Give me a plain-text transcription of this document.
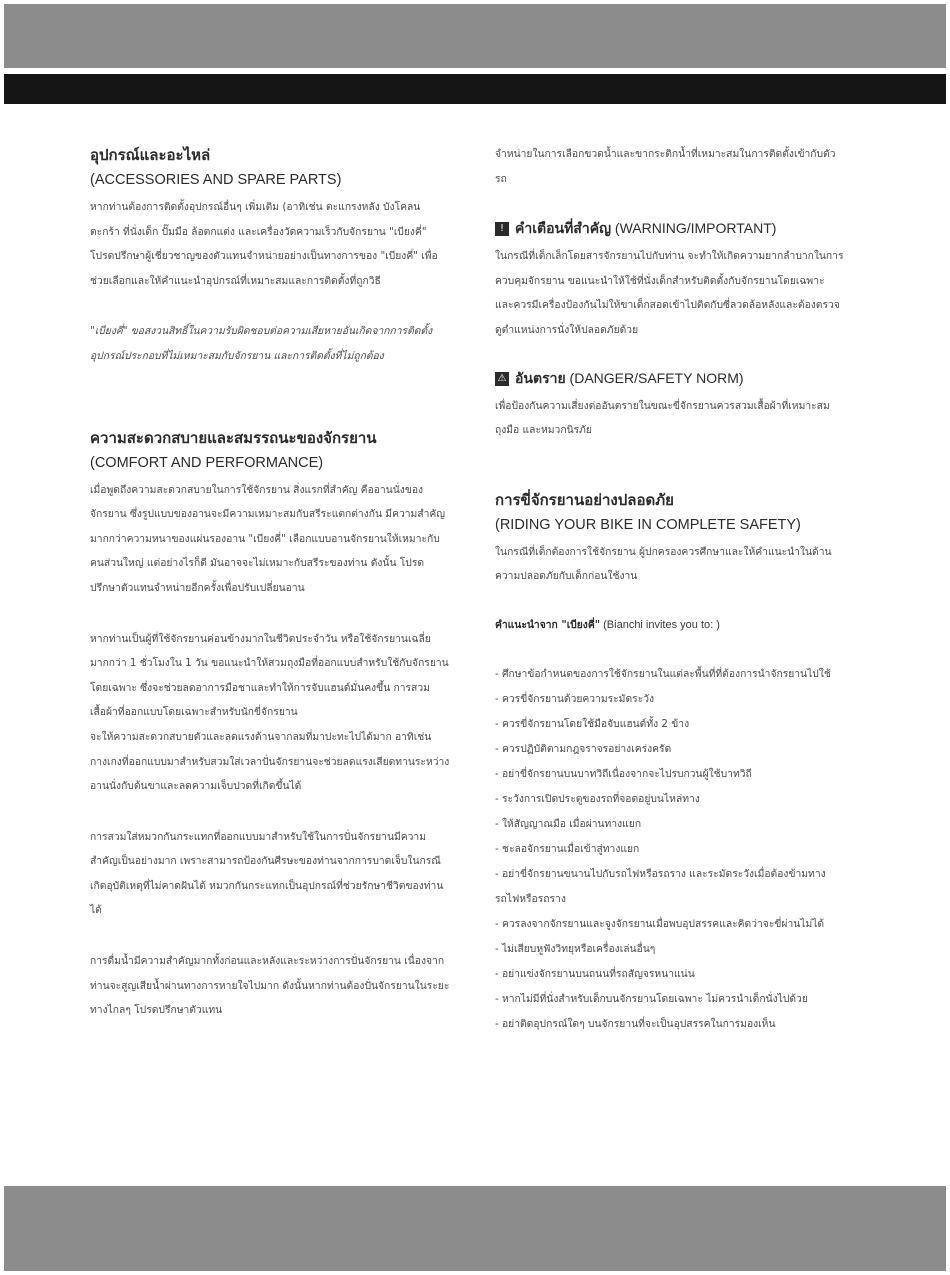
อุปกรณ์และอะไหล่

(ACCESSORIES AND SPARE PARTS)

หากท่านต้องการติดตั้งอุปกรณ์อื่นๆ เพิ่มเติม (อาทิเช่น ตะแกรงหลัง บังโคลน ตะกร้า ที่นั่งเด็ก ปั๊มมือ ล้อตกแต่ง และเครื่องวัดความเร็วกับจักรยาน "เบียงคี่" โปรดปรึกษาผู้เชี่ยวชาญของตัวแทนจำหน่ายอย่างเป็นทางการของ "เบียงคี่" เพื่อช่วยเลือกและให้คำแนะนำอุปกรณ์ที่เหมาะสมและการติดตั้งที่ถูกวิธี

"เบียงคี่" ขอสงวนสิทธิ์ในความรับผิดชอบต่อความเสียหายอันเกิดจากการติดตั้งอุปกรณ์ประกอบที่ไม่เหมาะสมกับจักรยาน และการติดตั้งที่ไม่ถูกต้อง

ความสะดวกสบายและสมรรถนะของจักรยาน

(COMFORT AND PERFORMANCE)

เมื่อพูดถึงความสะดวกสบายในการใช้จักรยาน สิ่งแรกที่สำคัญ คืออานนั่งของจักรยาน ซึ่งรูปแบบของอานจะมีความเหมาะสมกับสรีระแตกต่างกัน มีความสำคัญมากกว่าความหนาของแผ่นรองอาน "เบียงคี่" เลือกแบบอานจักรยานให้เหมาะกับคนส่วนใหญ่ แต่อย่างไรก็ดี มันอาจจะไม่เหมาะกับสรีระของท่าน ดังนั้น โปรดปรึกษาตัวแทนจำหน่ายอีกครั้งเพื่อปรับเปลี่ยนอาน

หากท่านเป็นผู้ที่ใช้จักรยานค่อนข้างมากในชีวิตประจำวัน หรือใช้จักรยานเฉลี่ยมากกว่า 1 ชั่วโมงใน 1 วัน ขอแนะนำให้สวมถุงมือที่ออกแบบสำหรับใช้กับจักรยานโดยเฉพาะ ซึ่งจะช่วยลดอาการมือชาและทำให้การจับแฮนด์มั่นคงขึ้น การสวมเสื้อผ้าที่ออกแบบโดยเฉพาะสำหรับนักขี่จักรยาน

จะให้ความสะดวกสบายตัวและลดแรงต้านจากลมที่มาปะทะไปได้มาก อาทิเช่น กางเกงที่ออกแบบมาสำหรับสวมใส่เวลาปั่นจักรยานจะช่วยลดแรงเสียดทานระหว่างอานนั่งกับต้นขาและลดความเจ็บปวดที่เกิดขึ้นได้

การสวมใส่หมวกกันกระแทกที่ออกแบบมาสำหรับใช้ในการปั่นจักรยานมีความสำคัญเป็นอย่างมาก เพราะสามารถป้องกันศีรษะของท่านจากการบาดเจ็บในกรณีเกิดอุบัติเหตุที่ไม่คาดฝันได้ หมวกกันกระแทกเป็นอุปกรณ์ที่ช่วยรักษาชีวิตของท่านได้

การดื่มน้ำมีความสำคัญมากทั้งก่อนและหลังและระหว่างการปั่นจักรยาน เนื่องจากท่านจะสูญเสียน้ำผ่านทางการหายใจไปมาก ดังนั้นหากท่านต้องปั่นจักรยานในระยะทางไกลๆ โปรดปรึกษาตัวแทน

จำหน่ายในการเลือกขวดน้ำและขากระติกน้ำที่เหมาะสมในการติดตั้งเข้ากับตัวรถ

! คำเตือนที่สำคัญ (WARNING/IMPORTANT)

ในกรณีที่เด็กเล็กโดยสารจักรยานไปกับท่าน จะทำให้เกิดความยากลำบากในการควบคุมจักรยาน ขอแนะนำให้ใช้ที่นั่งเด็กสำหรับติดตั้งกับจักรยานโดยเฉพาะ และควรมีเครื่องป้องกันไม่ให้ขาเด็กสอดเข้าไปติดกับซี่ลวดล้อหลังและต้องตรวจดูตำแหน่งการนั่งให้ปลอดภัยด้วย

⚠ อันตราย (DANGER/SAFETY NORM)

เพื่อป้องกันความเสี่ยงต่ออันตรายในขณะขี่จักรยานควรสวมเสื้อผ้าที่เหมาะสม ถุงมือ และหมวกนิรภัย

การขี่จักรยานอย่างปลอดภัย

(RIDING YOUR BIKE IN COMPLETE SAFETY)

ในกรณีที่เด็กต้องการใช้จักรยาน ผู้ปกครองควรศึกษาและให้คำแนะนำในด้านความปลอดภัยกับเด็กก่อนใช้งาน

คำแนะนำจาก "เบียงคี่" (Bianchi invites you to: )

- ศึกษาข้อกำหนดของการใช้จักรยานในแต่ละพื้นที่ที่ต้องการนำจักรยานไปใช้
- ควรขี่จักรยานด้วยความระมัดระวัง
- ควรขี่จักรยานโดยใช้มือจับแฮนด์ทั้ง 2 ข้าง
- ควรปฏิบัติตามกฎจราจรอย่างเคร่งครัด
- อย่าขี่จักรยานบนบาทวิถีเนื่องจากจะไปรบกวนผู้ใช้บาทวิถี
- ระวังการเปิดประตูของรถที่จอดอยู่บนไหล่ทาง
- ให้สัญญาณมือ เมื่อผ่านทางแยก
- ชะลอจักรยานเมื่อเข้าสู่ทางแยก
- อย่าขี่จักรยานขนานไปกับรถไฟหรือรถราง และระมัดระวังเมื่อต้องข้ามทางรถไฟหรือรถราง
- ควรลงจากจักรยานและจูงจักรยานเมื่อพบอุปสรรคและคิดว่าจะขี่ผ่านไม่ได้
- ไม่เสียบหูฟังวิทยุหรือเครื่องเล่นอื่นๆ
- อย่าแข่งจักรยานบนถนนที่รถสัญจรหนาแน่น
- หากไม่มีที่นั่งสำหรับเด็กบนจักรยานโดยเฉพาะ ไม่ควรนำเด็กนั่งไปด้วย
- อย่าติดอุปกรณ์ใดๆ บนจักรยานที่จะเป็นอุปสรรคในการมองเห็น
